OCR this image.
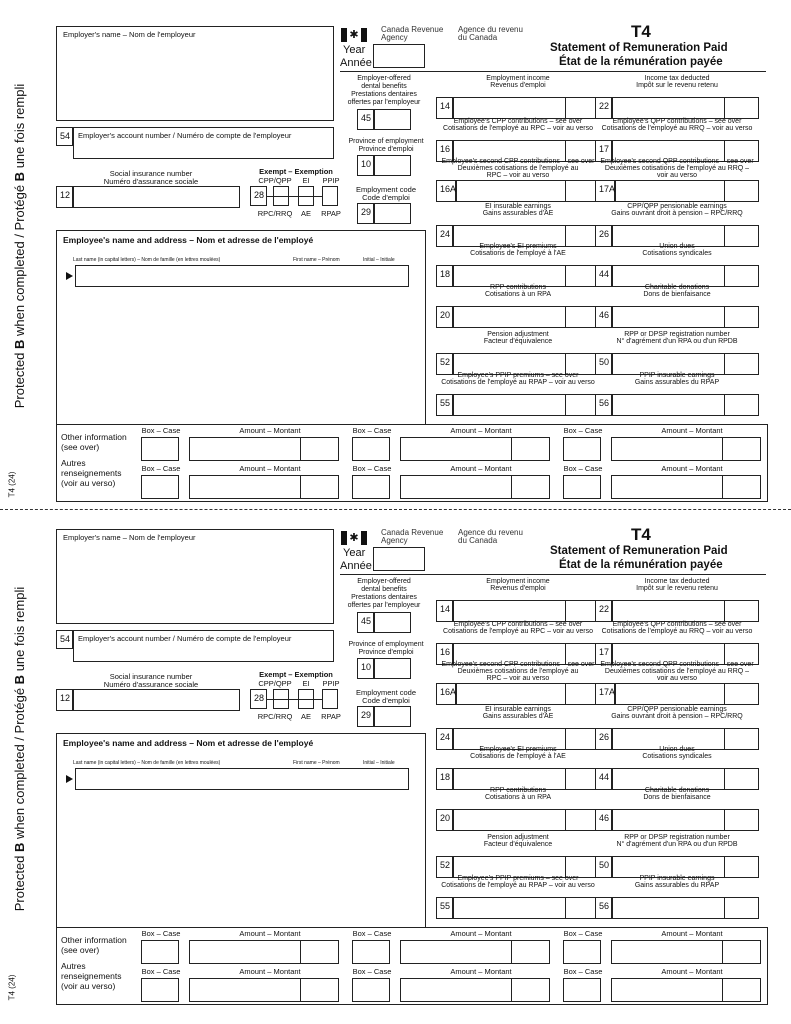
Protected B when completed / Protégé B une fois rempli
T4 (24)
Employer's name – Nom de l'employeur
54	Employer's account number / Numéro de compte de l'employeur
Social insurance number
Numéro d'assurance sociale
12
Exempt – Exemption
CPP/QPP	EI	PPIP
28
RPC/RRQ	AE	RPAP
Employee's name and address – Nom et adresse de l'employé
Last name (in capital letters) – Nom de famille (en lettres moulées)	First name – Prénom	Initial – Initiale
✱	Canada Revenue Agency
Agence du revenu du Canada
Year
Année
T4
Statement of Remuneration Paid
État de la rémunération payée
Employer-offered
dental benefits
Prestations dentaires
offertes par l'employeur
45
Province of employment
Province d'emploi
10
Employment code
Code d'emploi
29
Employment income
Revenus d'emploi
14
Income tax deducted
Impôt sur le revenu retenu
22
Employee's CPP contributions – see over
Cotisations de l'employé au RPC – voir au verso
16
Employee's QPP contributions – see over
Cotisations de l'employé au RRQ – voir au verso
17
Employee's second CPP contributions – see over
Deuxièmes cotisations de l'employé au
RPC – voir au verso
16A
Employee's second QPP contributions – see over
Deuxièmes cotisations de l'employé au RRQ –
voir au verso
17A
EI insurable earnings
Gains assurables d'AE
24
CPP/QPP pensionable earnings
Gains ouvrant droit à pension – RPC/RRQ
26
Employee's EI premiums
Cotisations de l'employé à l'AE
18
Union dues
Cotisations syndicales
44
RPP contributions
Cotisations à un RPA
20
Charitable donations
Dons de bienfaisance
46
Pension adjustment
Facteur d'équivalence
52
RPP or DPSP registration number
N° d'agrément d'un RPA ou d'un RPDB
50
Employee's PPIP premiums – see over
Cotisations de l'employé au RPAP – voir au verso
55
PPIP insurable earnings
Gains assurables du RPAP
56
Other information
(see over)
Autres
renseignements
(voir au verso)
Box – Case	Amount – Montant	Box – Case	Amount – Montant	Box – Case	Amount – Montant
Box – Case	Amount – Montant	Box – Case	Amount – Montant	Box – Case	Amount – Montant
Protected B when completed / Protégé B une fois rempli
T4 (24)
Employer's name – Nom de l'employeur
54	Employer's account number / Numéro de compte de l'employeur
Social insurance number
Numéro d'assurance sociale
12
Exempt – Exemption
CPP/QPP	EI	PPIP
28
RPC/RRQ	AE	RPAP
Employee's name and address – Nom et adresse de l'employé
Last name (in capital letters) – Nom de famille (en lettres moulées)	First name – Prénom	Initial – Initiale
✱	Canada Revenue Agency
Agence du revenu du Canada
Year
Année
T4
Statement of Remuneration Paid
État de la rémunération payée
Employer-offered
dental benefits
Prestations dentaires
offertes par l'employeur
45
Province of employment
Province d'emploi
10
Employment code
Code d'emploi
29
Employment income
Revenus d'emploi
14
Income tax deducted
Impôt sur le revenu retenu
22
Employee's CPP contributions – see over
Cotisations de l'employé au RPC – voir au verso
16
Employee's QPP contributions – see over
Cotisations de l'employé au RRQ – voir au verso
17
Employee's second CPP contributions – see over
Deuxièmes cotisations de l'employé au
RPC – voir au verso
16A
Employee's second QPP contributions – see over
Deuxièmes cotisations de l'employé au RRQ –
voir au verso
17A
EI insurable earnings
Gains assurables d'AE
24
CPP/QPP pensionable earnings
Gains ouvrant droit à pension – RPC/RRQ
26
Employee's EI premiums
Cotisations de l'employé à l'AE
18
Union dues
Cotisations syndicales
44
RPP contributions
Cotisations à un RPA
20
Charitable donations
Dons de bienfaisance
46
Pension adjustment
Facteur d'équivalence
52
RPP or DPSP registration number
N° d'agrément d'un RPA ou d'un RPDB
50
Employee's PPIP premiums – see over
Cotisations de l'employé au RPAP – voir au verso
55
PPIP insurable earnings
Gains assurables du RPAP
56
Other information
(see over)
Autres
renseignements
(voir au verso)
Box – Case	Amount – Montant	Box – Case	Amount – Montant	Box – Case	Amount – Montant
Box – Case	Amount – Montant	Box – Case	Amount – Montant	Box – Case	Amount – Montant
